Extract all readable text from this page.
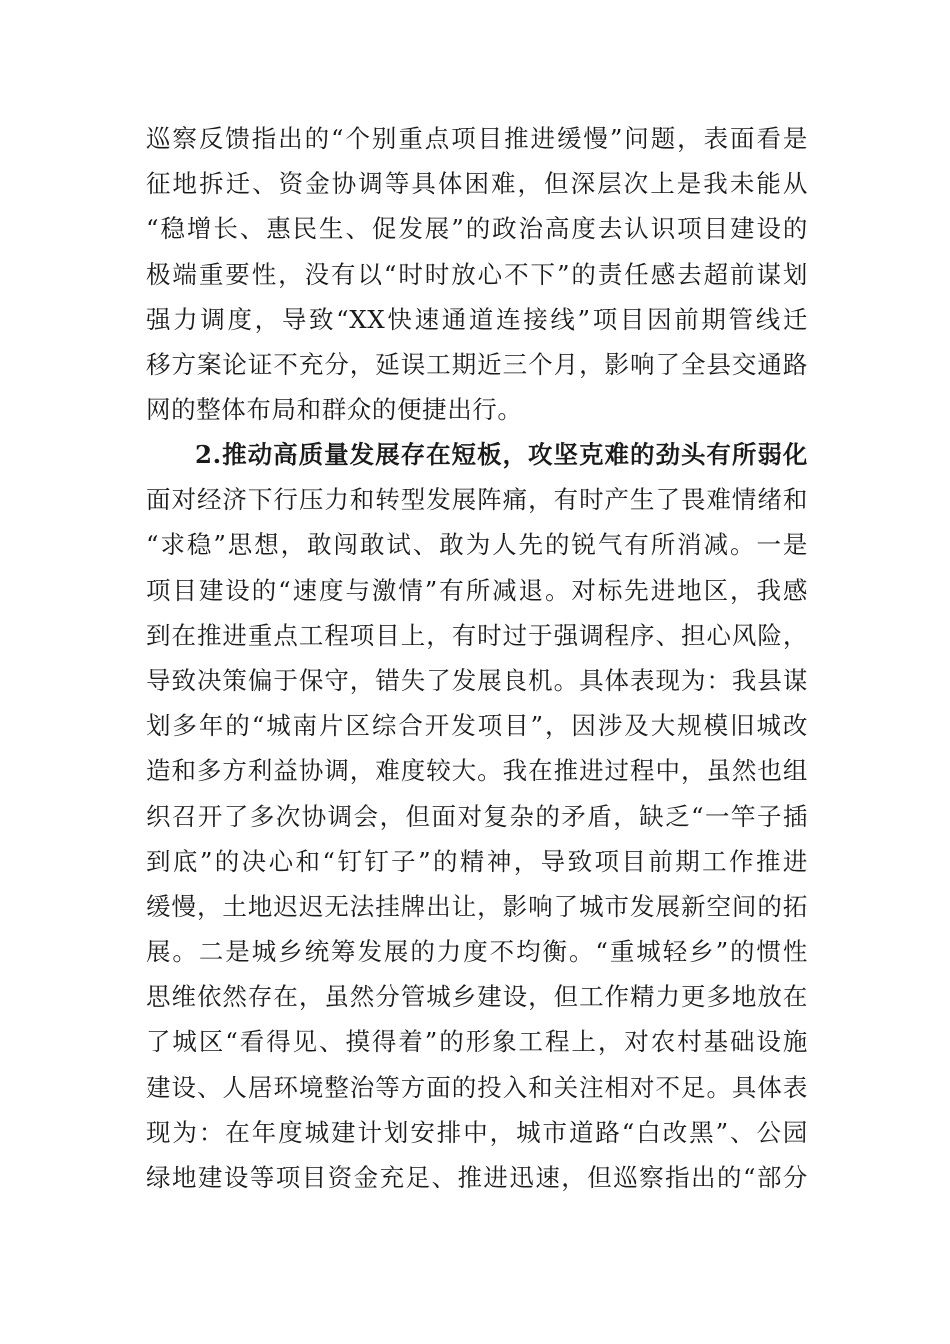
巡察反馈指出的“个别重点项目推进缓慢”问题，表面看是
征地拆迁、资金协调等具体困难，但深层次上是我未能从
“稳增长、惠民生、促发展”的政治高度去认识项目建设的
极端重要性，没有以“时时放心不下”的责任感去超前谋划
强力调度，导致“XX快速通道连接线”项目因前期管线迁
移方案论证不充分，延误工期近三个月，影响了全县交通路
网的整体布局和群众的便捷出行。
2.推动高质量发展存在短板，攻坚克难的劲头有所弱化
面对经济下行压力和转型发展阵痛，有时产生了畏难情绪和
“求稳”思想，敢闯敢试、敢为人先的锐气有所消减。一是
项目建设的“速度与激情”有所减退。对标先进地区，我感
到在推进重点工程项目上，有时过于强调程序、担心风险，
导致决策偏于保守，错失了发展良机。具体表现为：我县谋
划多年的“城南片区综合开发项目”，因涉及大规模旧城改
造和多方利益协调，难度较大。我在推进过程中，虽然也组
织召开了多次协调会，但面对复杂的矛盾，缺乏“一竿子插
到底”的决心和“钉钉子”的精神，导致项目前期工作推进
缓慢，土地迟迟无法挂牌出让，影响了城市发展新空间的拓
展。二是城乡统筹发展的力度不均衡。“重城轻乡”的惯性
思维依然存在，虽然分管城乡建设，但工作精力更多地放在
了城区“看得见、摸得着”的形象工程上，对农村基础设施
建设、人居环境整治等方面的投入和关注相对不足。具体表
现为：在年度城建计划安排中，城市道路“白改黑”、公园
绿地建设等项目资金充足、推进迅速，但巡察指出的“部分
